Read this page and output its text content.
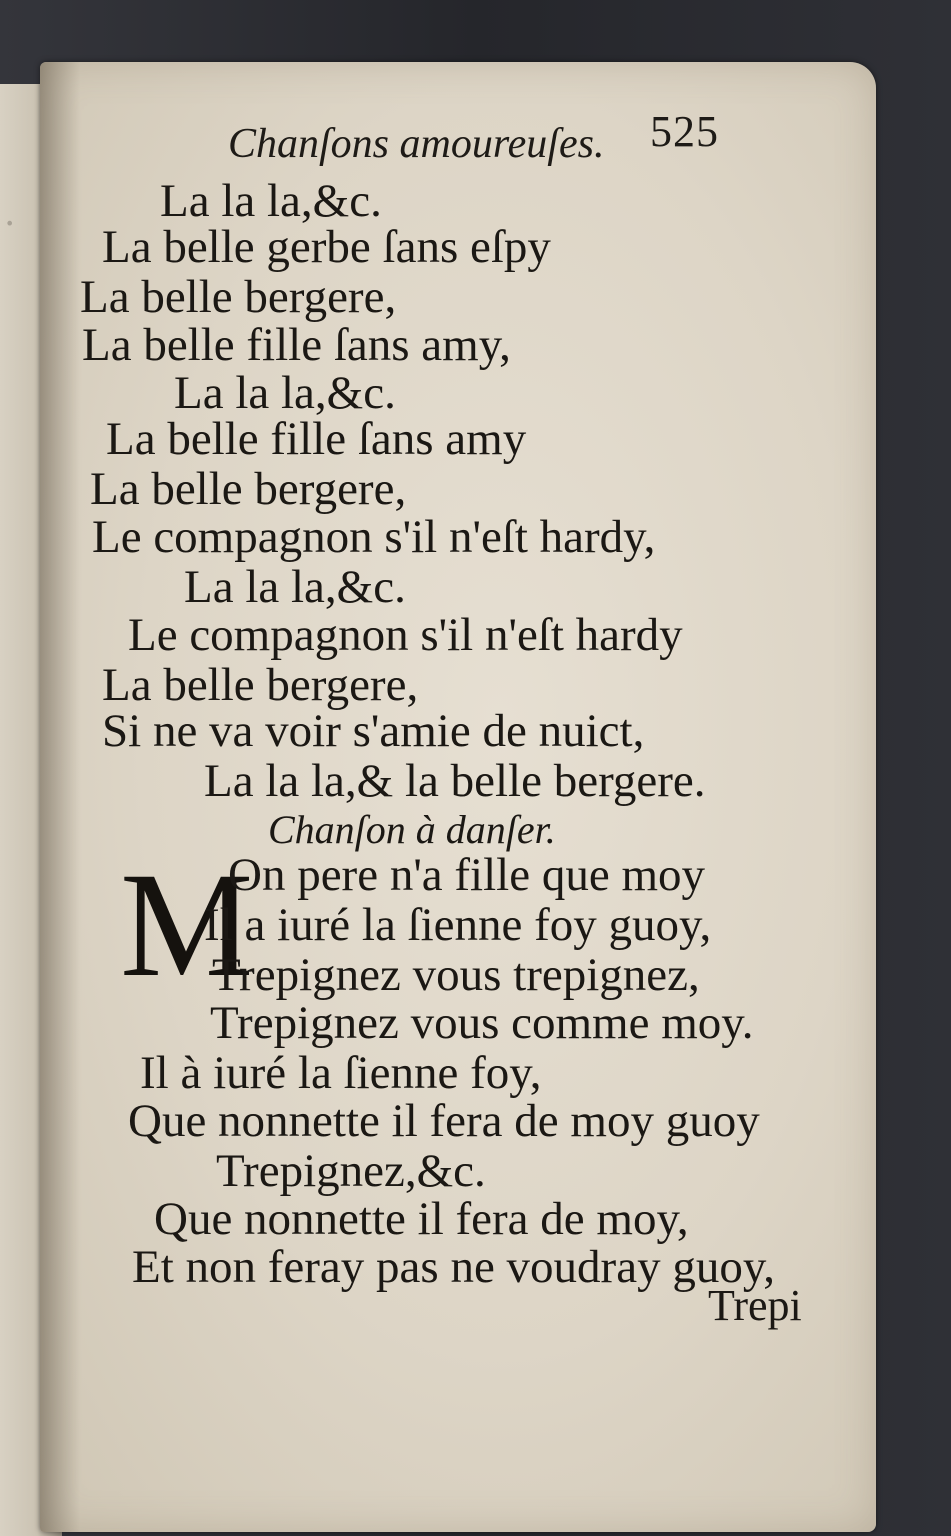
·
Chanſons amoureuſes. 525
La la la,&c.
La belle gerbe ſans eſpy
La belle bergere,
La belle fille ſans amy,
La la la,&c.
La belle fille ſans amy
La belle bergere,
Le compagnon s'il n'eſt hardy,
La la la,&c.
Le compagnon s'il n'eſt hardy
La belle bergere,
Si ne va voir s'amie de nuict,
La la la,& la belle bergere.
Chanſon à danſer.
M
On pere n'a fille que moy
Il a iuré la ſienne foy guoy,
Trepignez vous trepignez,
Trepignez vous comme moy.
Il à iuré la ſienne foy,
Que nonnette il fera de moy guoy
Trepignez,&c.
Que nonnette il fera de moy,
Et non feray pas ne voudray guoy,
Trepi
